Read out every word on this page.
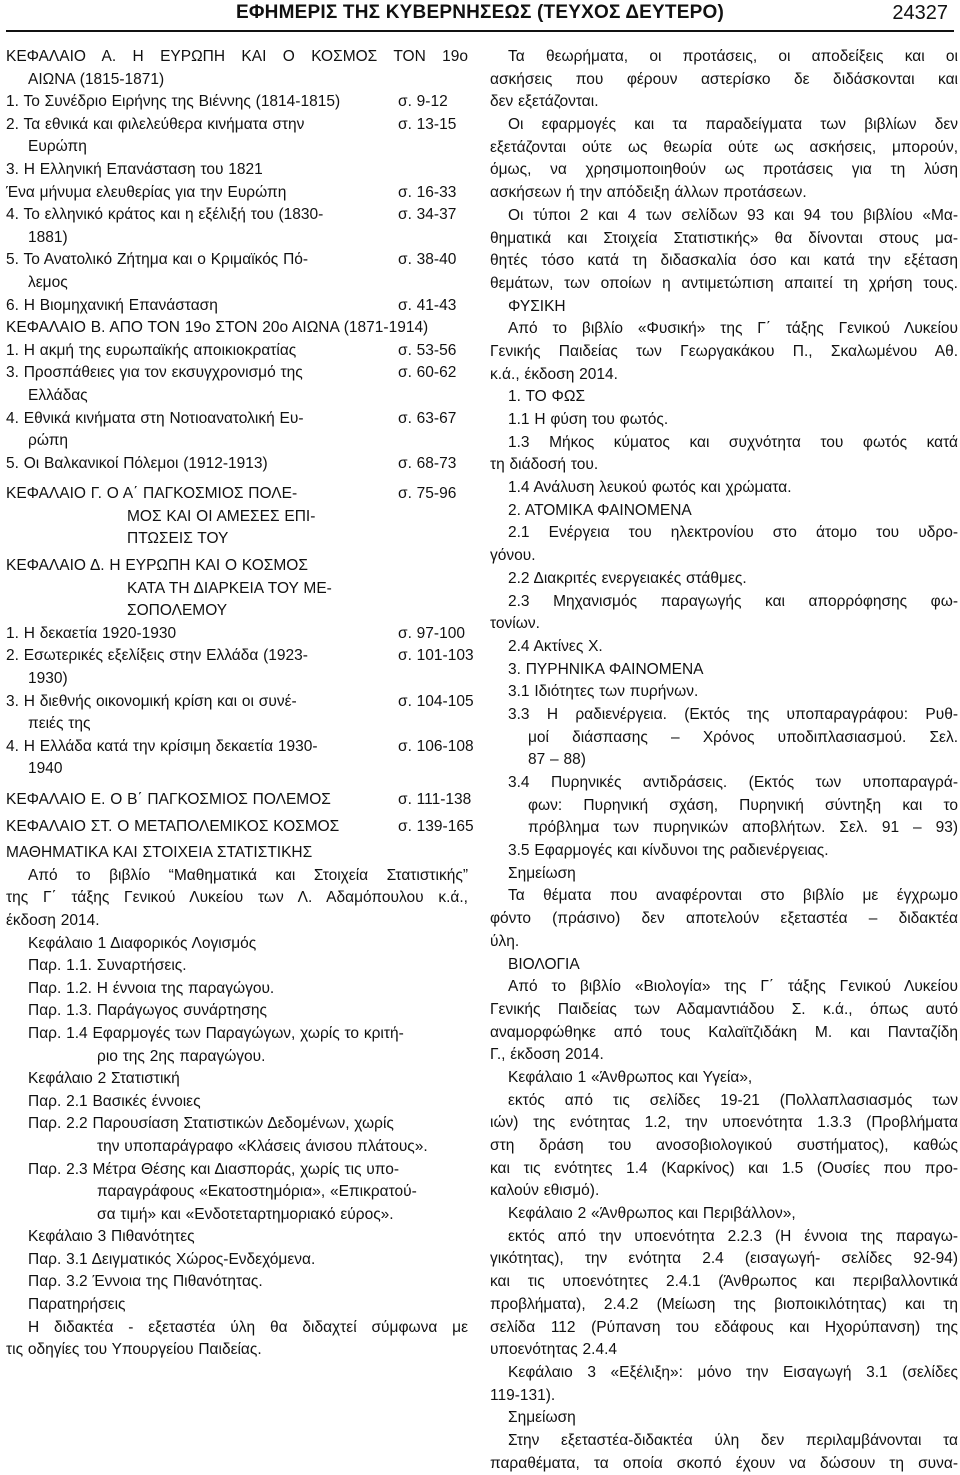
ΕΦΗΜΕΡΙΣ ΤΗΣ ΚΥΒΕΡΝΗΣΕΩΣ (ΤΕΥΧΟΣ ΔΕΥΤΕΡΟ)	24327
ΚΕΦΑΛΑΙΟ Α. Η ΕΥΡΩΠΗ ΚΑΙ Ο ΚΟΣΜΟΣ ΤΟΝ 19ο
ΑΙΩΝΑ (1815-1871)
1. Το Συνέδριο Ειρήνης της Βιέννης (1814-1815)	σ. 9-12
2. Τα εθνικά και φιλελεύθερα κινήματα στην	σ. 13-15
Ευρώπη
3. Η Ελληνική Επανάσταση του 1821
Ένα μήνυμα ελευθερίας για την Ευρώπη	σ. 16-33
4. Το ελληνικό κράτος και η εξέλιξή του (1830-	σ. 34-37
1881)
5. Το Ανατολικό Ζήτημα και ο Κριμαϊκός Πό-	σ. 38-40
λεμος
6. Η Βιομηχανική Επανάσταση	σ. 41-43
ΚΕΦΑΛΑΙΟ Β. ΑΠΟ ΤΟΝ 19ο ΣΤΟΝ 20ο ΑΙΩΝΑ (1871-1914)
1. Η ακμή της ευρωπαϊκής αποικιοκρατίας	σ. 53-56
3. Προσπάθειες για τον εκσυγχρονισμό της	σ. 60-62
Ελλάδας
4. Εθνικά κινήματα στη Νοτιοανατολική Ευ-	σ. 63-67
ρώπη
5. Οι Βαλκανικοί Πόλεμοι (1912-1913)	σ. 68-73
ΚΕΦΑΛΑΙΟ Γ. Ο Α΄ ΠΑΓΚΟΣΜΙΟΣ ΠΟΛΕ-	σ. 75-96
ΜΟΣ ΚΑΙ ΟΙ ΑΜΕΣΕΣ ΕΠΙ-
ΠΤΩΣΕΙΣ ΤΟΥ
ΚΕΦΑΛΑΙΟ Δ. Η ΕΥΡΩΠΗ ΚΑΙ Ο ΚΟΣΜΟΣ
ΚΑΤΑ ΤΗ ΔΙΑΡΚΕΙΑ ΤΟΥ ΜΕ-
ΣΟΠΟΛΕΜΟΥ
1. Η δεκαετία 1920-1930	σ. 97-100
2. Εσωτερικές εξελίξεις στην Ελλάδα (1923-	σ. 101-103
1930)
3. Η διεθνής οικονομική κρίση και οι συνέ-	σ. 104-105
πειές της
4. Η Ελλάδα κατά την κρίσιμη δεκαετία 1930-	σ. 106-108
1940
ΚΕΦΑΛΑΙΟ Ε. Ο Β΄ ΠΑΓΚΟΣΜΙΟΣ ΠΟΛΕΜΟΣ	σ. 111-138
ΚΕΦΑΛΑΙΟ ΣΤ. Ο ΜΕΤΑΠΟΛΕΜΙΚΟΣ ΚΟΣΜΟΣ	σ. 139-165
ΜΑΘΗΜΑΤΙΚΑ ΚΑΙ ΣΤΟΙΧΕΙΑ ΣΤΑΤΙΣΤΙΚΗΣ
Από το βιβλίο “Μαθηματικά και Στοιχεία Στατιστικής”
της Γ΄ τάξης Γενικού Λυκείου των Λ. Αδαμόπουλου κ.ά.,
έκδοση 2014.
Κεφάλαιο 1 Διαφορικός Λογισμός
Παρ. 1.1. Συναρτήσεις.
Παρ. 1.2. Η έννοια της παραγώγου.
Παρ. 1.3. Παράγωγος συνάρτησης
Παρ. 1.4 Εφαρμογές των Παραγώγων, χωρίς το κριτή-
ριο της 2ης παραγώγου.
Κεφάλαιο 2 Στατιστική
Παρ. 2.1 Βασικές έννοιες
Παρ. 2.2 Παρουσίαση Στατιστικών Δεδομένων, χωρίς
την υποπαράγραφο «Κλάσεις άνισου πλάτους».
Παρ. 2.3 Μέτρα Θέσης και Διασποράς, χωρίς τις υπο-
παραγράφους «Εκατοστημόρια», «Επικρατού-
σα τιμή» και «Ενδοτεταρτημοριακό εύρος».
Κεφάλαιο 3 Πιθανότητες
Παρ. 3.1 Δειγματικός Χώρος-Ενδεχόμενα.
Παρ. 3.2 Έννοια της Πιθανότητας.
Παρατηρήσεις
Η διδακτέα - εξεταστέα ύλη θα διδαχτεί σύμφωνα με
τις οδηγίες του Υπουργείου Παιδείας.
Τα θεωρήματα, οι προτάσεις, οι αποδείξεις και οι
ασκήσεις που φέρουν αστερίσκο δε διδάσκονται και
δεν εξετάζονται.
Οι εφαρμογές και τα παραδείγματα των βιβλίων δεν
εξετάζονται ούτε ως θεωρία ούτε ως ασκήσεις, μπορούν,
όμως, να χρησιμοποιηθούν ως προτάσεις για τη λύση
ασκήσεων ή την απόδειξη άλλων προτάσεων.
Οι τύποι 2 και 4 των σελίδων 93 και 94 του βιβλίου «Μα-
θηματικά και Στοιχεία Στατιστικής» θα δίνονται στους μα-
θητές τόσο κατά τη διδασκαλία όσο και κατά την εξέταση
θεμάτων, των οποίων η αντιμετώπιση απαιτεί τη χρήση τους.
ΦΥΣΙΚΗ
Από το βιβλίο «Φυσική» της Γ΄ τάξης Γενικού Λυκείου
Γενικής Παιδείας των Γεωργακάκου Π., Σκαλωμένου Αθ.
κ.ά., έκδοση 2014.
1. ΤΟ ΦΩΣ
1.1 Η φύση του φωτός.
1.3 Μήκος κύματος και συχνότητα του φωτός κατά
τη διάδοσή του.
1.4 Ανάλυση λευκού φωτός και χρώματα.
2. ΑΤΟΜΙΚΑ ΦΑΙΝΟΜΕΝΑ
2.1 Ενέργεια του ηλεκτρονίου στο άτομο του υδρο-
γόνου.
2.2 Διακριτές ενεργειακές στάθμες.
2.3 Μηχανισμός παραγωγής και απορρόφησης φω-
τονίων.
2.4 Ακτίνες Χ.
3. ΠΥΡΗΝΙΚΑ ΦΑΙΝΟΜΕΝΑ
3.1 Ιδιότητες των πυρήνων.
3.3 Η ραδιενέργεια. (Εκτός της υποπαραγράφου: Ρυθ-
μοί διάσπασης – Χρόνος υποδιπλασιασμού. Σελ.
87 – 88)
3.4 Πυρηνικές αντιδράσεις. (Εκτός των υποπαραγρά-
φων: Πυρηνική σχάση, Πυρηνική σύντηξη και το
πρόβλημα των πυρηνικών αποβλήτων. Σελ. 91 – 93)
3.5 Εφαρμογές και κίνδυνοι της ραδιενέργειας.
Σημείωση
Τα θέματα που αναφέρονται στο βιβλίο με έγχρωμο
φόντο (πράσινο) δεν αποτελούν εξεταστέα – διδακτέα
ύλη.
ΒΙΟΛΟΓΙΑ
Από το βιβλίο «Βιολογία» της Γ΄ τάξης Γενικού Λυκείου
Γενικής Παιδείας των Αδαμαντιάδου Σ. κ.ά., όπως αυτό
αναμορφώθηκε από τους Καλαϊτζιδάκη Μ. και Πανταζίδη
Γ., έκδοση 2014.
Κεφάλαιο 1 «Άνθρωπος και Υγεία»,
εκτός από τις σελίδες 19-21 (Πολλαπλασιασμός των
ιών) της ενότητας 1.2, την υποενότητα 1.3.3 (Προβλήματα
στη δράση του ανοσοβιολογικού συστήματος), καθώς
και τις ενότητες 1.4 (Καρκίνος) και 1.5 (Ουσίες που προ-
καλούν εθισμό).
Κεφάλαιο 2 «Άνθρωπος και Περιβάλλον»,
εκτός από την υποενότητα 2.2.3 (Η έννοια της παραγω-
γικότητας), την ενότητα 2.4 (εισαγωγή- σελίδες 92-94)
και τις υποενότητες 2.4.1 (Άνθρωπος και περιβαλλοντικά
προβλήματα), 2.4.2 (Μείωση της βιοποικιλότητας) και τη
σελίδα 112 (Ρύπανση του εδάφους και Ηχορύπανση) της
υποενότητας 2.4.4
Κεφάλαιο 3 «Εξέλιξη»: μόνο την Εισαγωγή 3.1 (σελίδες
119-131).
Σημείωση
Στην εξεταστέα-διδακτέα ύλη δεν περιλαμβάνονται τα
παραθέματα, τα οποία σκοπό έχουν να δώσουν τη συνα-
